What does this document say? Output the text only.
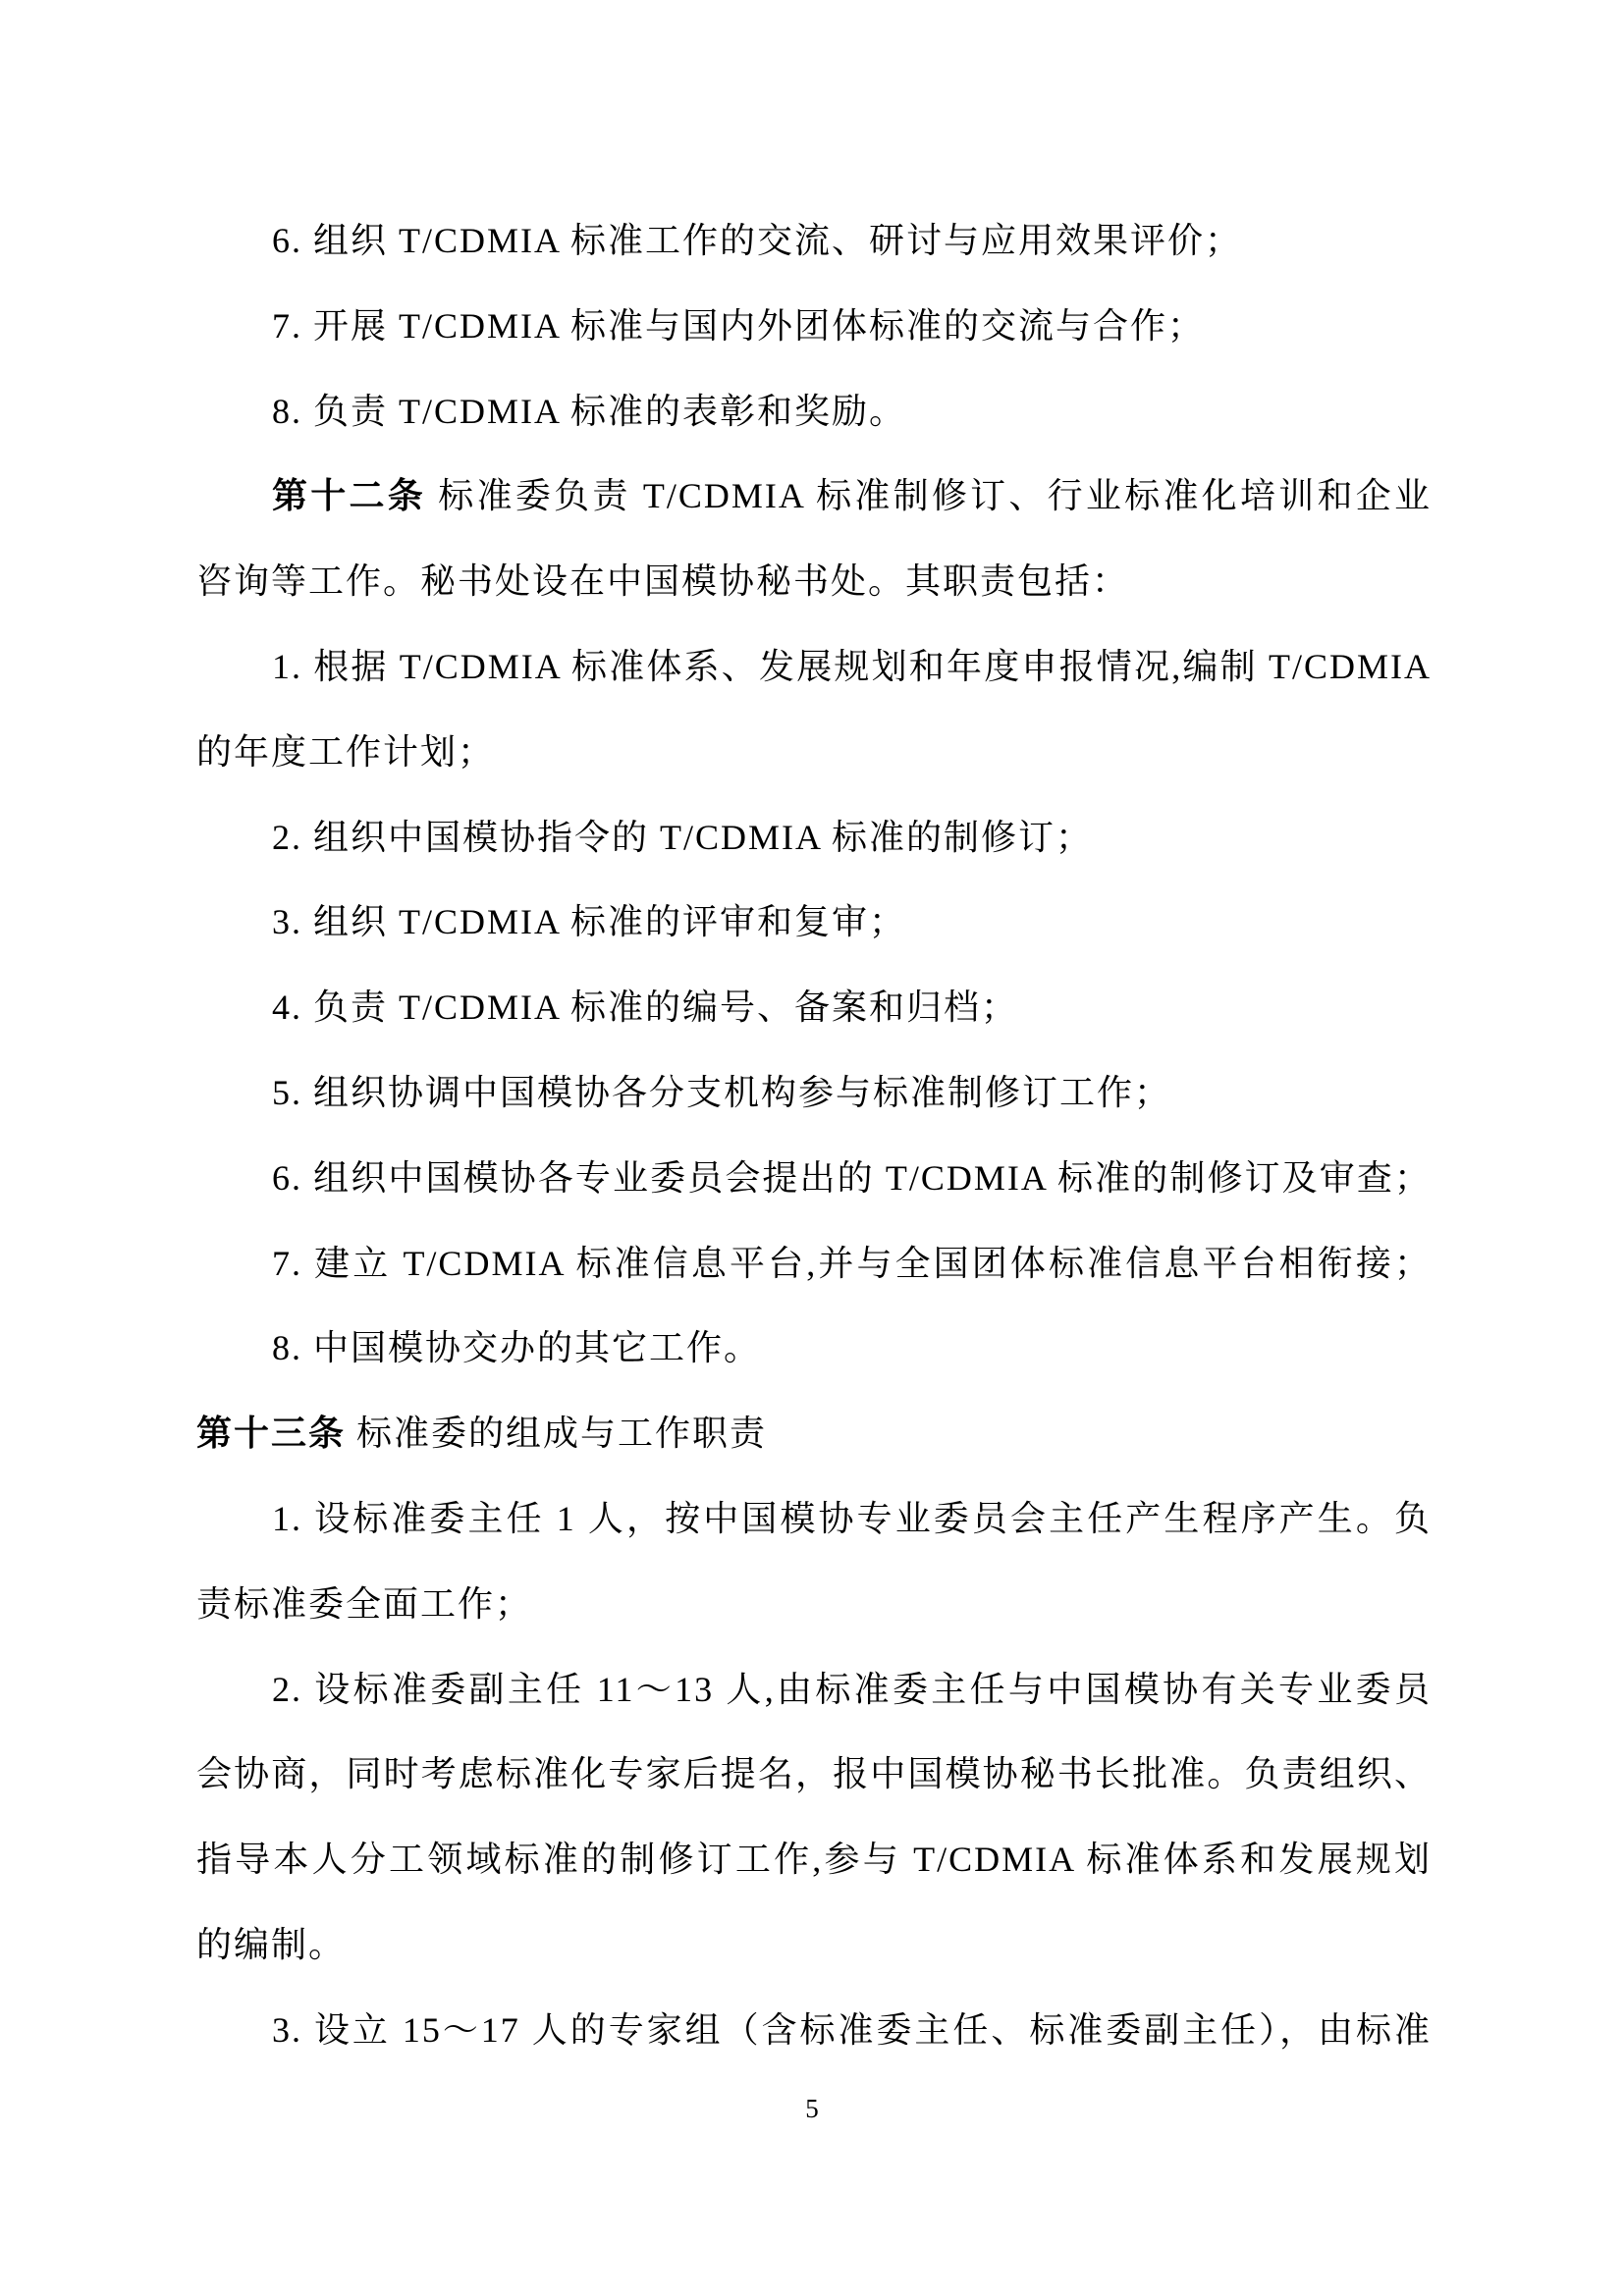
6. 组织 T/CDMIA 标准工作的交流、研讨与应用效果评价；
7. 开展 T/CDMIA 标准与国内外团体标准的交流与合作；
8. 负责 T/CDMIA 标准的表彰和奖励。
第十二条 标准委负责 T/CDMIA 标准制修订、行业标准化培训和企业
咨询等工作。秘书处设在中国模协秘书处。其职责包括：
1. 根据 T/CDMIA 标准体系、发展规划和年度申报情况,编制 T/CDMIA
的年度工作计划；
2. 组织中国模协指令的 T/CDMIA 标准的制修订；
3. 组织 T/CDMIA 标准的评审和复审；
4. 负责 T/CDMIA 标准的编号、备案和归档；
5. 组织协调中国模协各分支机构参与标准制修订工作；
6. 组织中国模协各专业委员会提出的 T/CDMIA 标准的制修订及审查；
7. 建立 T/CDMIA 标准信息平台,并与全国团体标准信息平台相衔接；
8. 中国模协交办的其它工作。
第十三条 标准委的组成与工作职责
1. 设标准委主任 1 人，按中国模协专业委员会主任产生程序产生。负
责标准委全面工作；
2. 设标准委副主任 11～13 人,由标准委主任与中国模协有关专业委员
会协商，同时考虑标准化专家后提名，报中国模协秘书长批准。负责组织、
指导本人分工领域标准的制修订工作,参与 T/CDMIA 标准体系和发展规划
的编制。
3. 设立 15～17 人的专家组（含标准委主任、标准委副主任），由标准
5
